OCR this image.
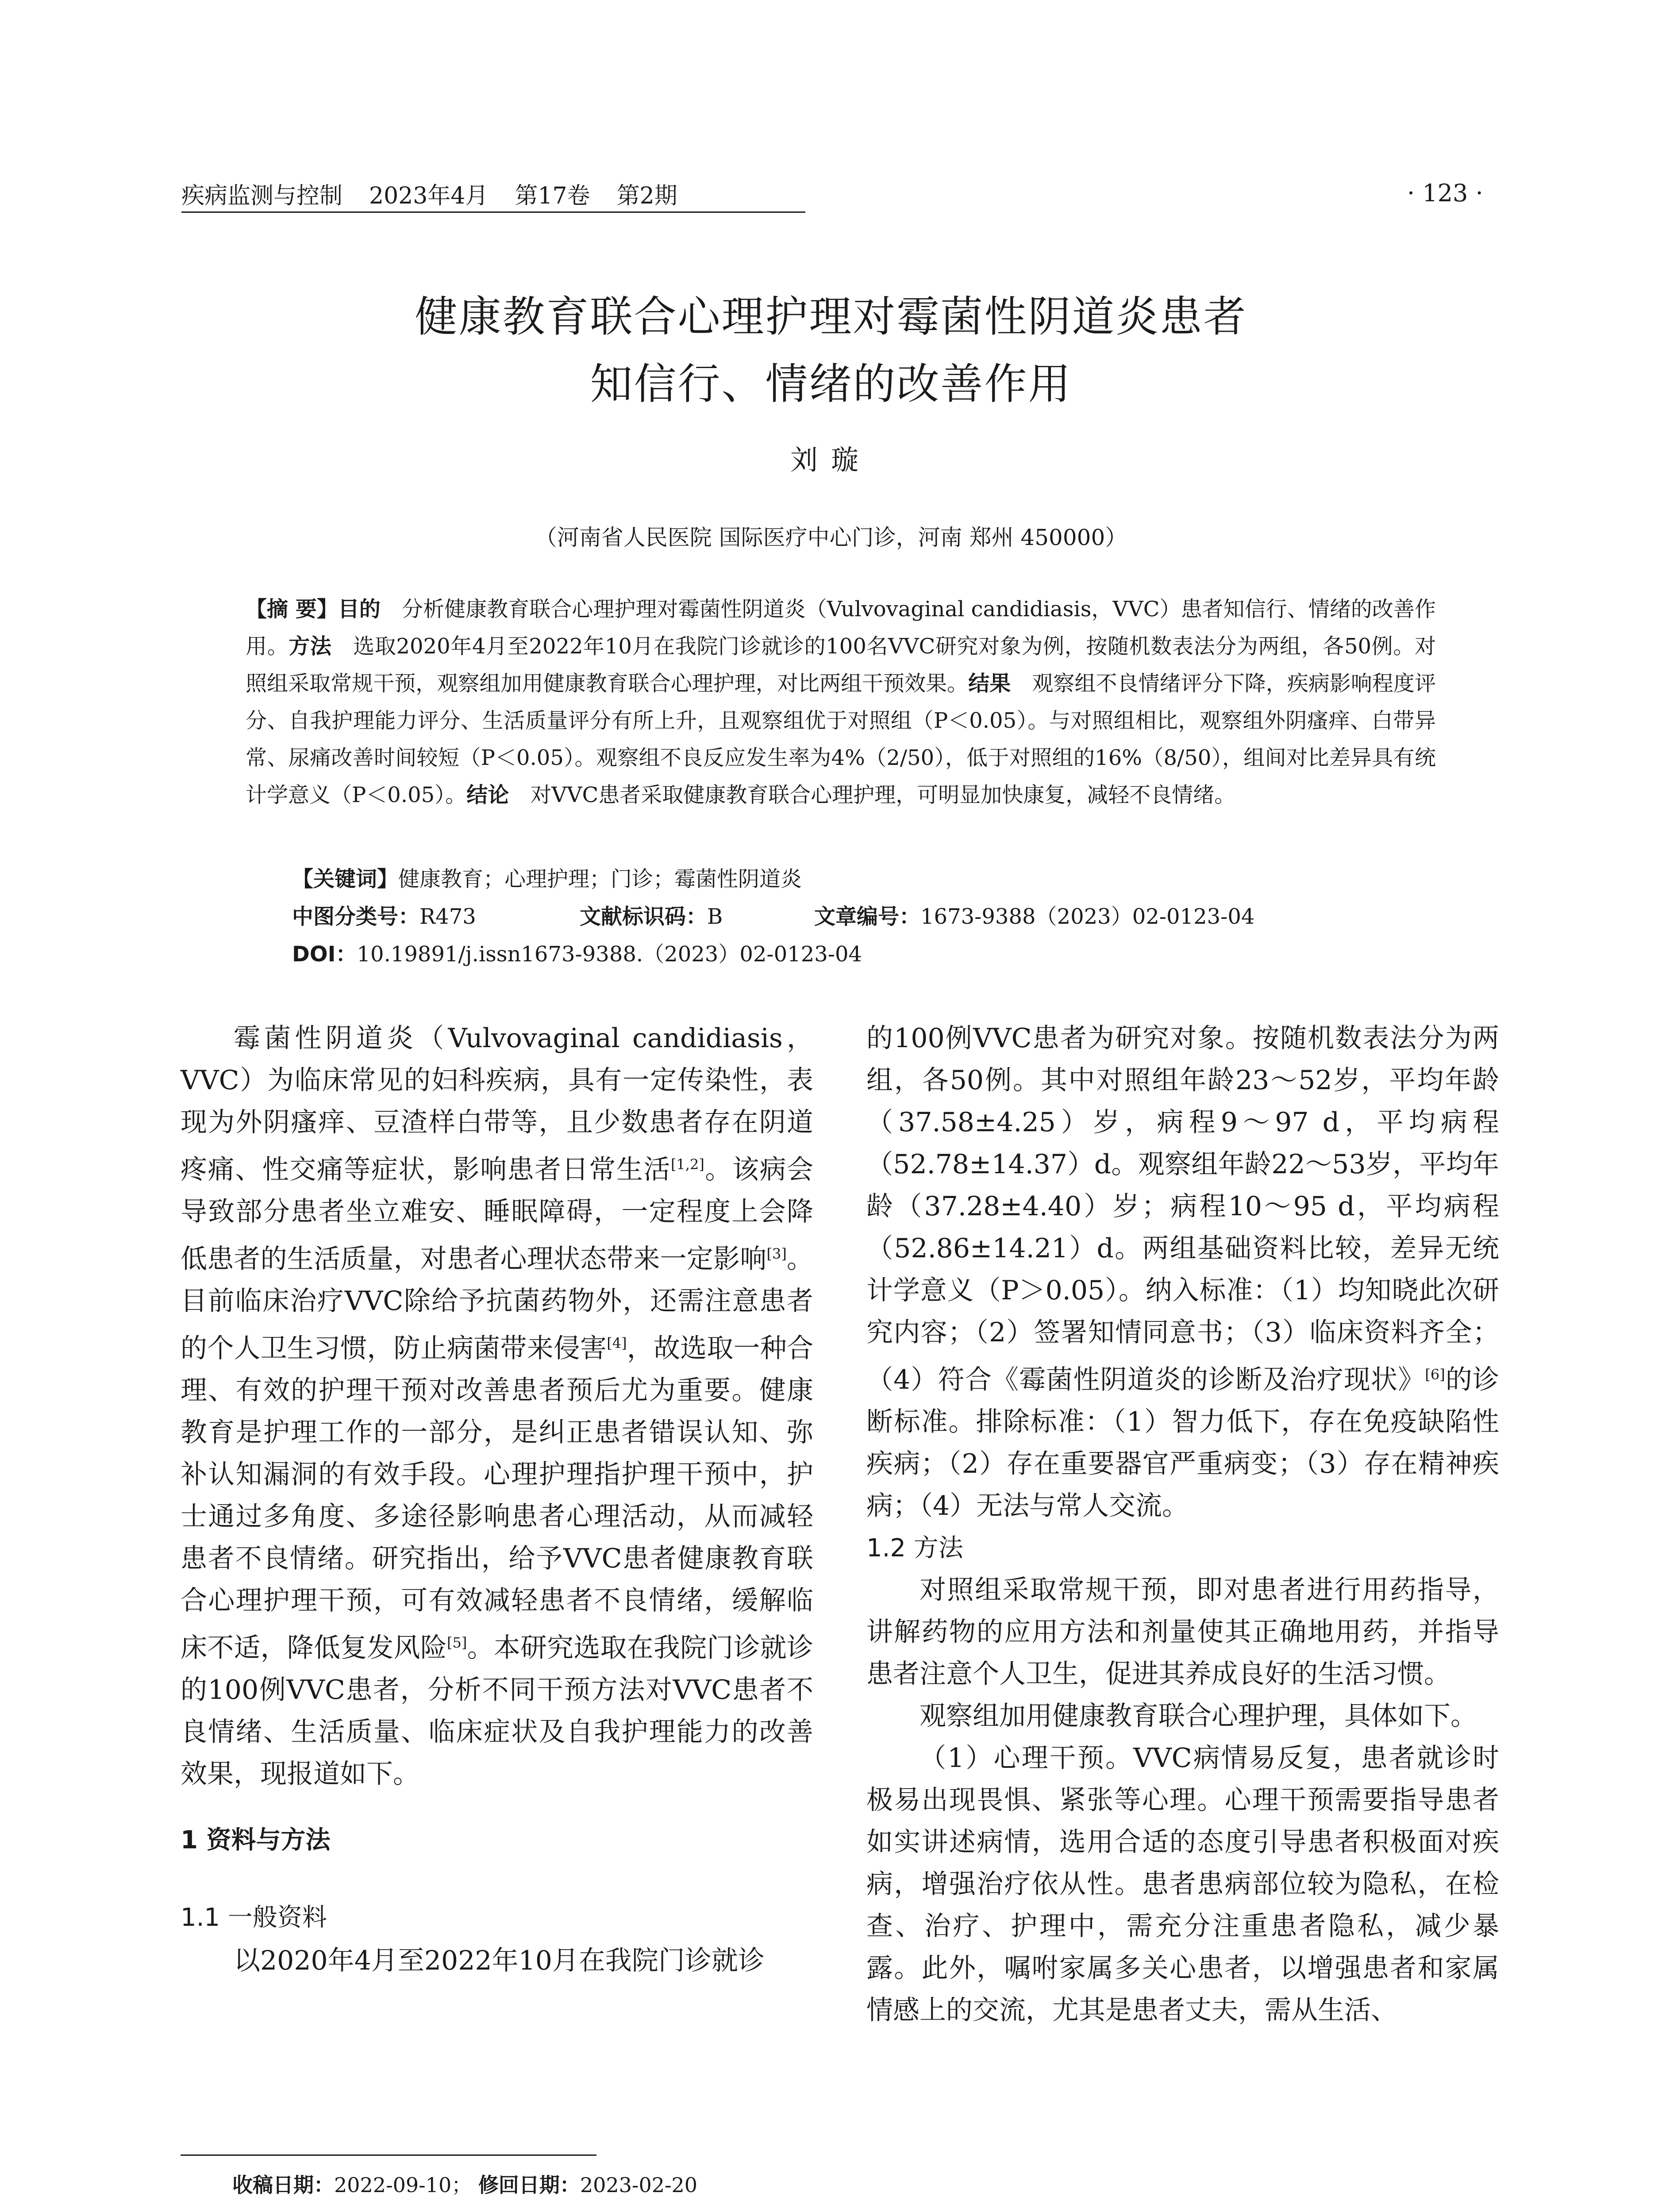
疾病监测与控制 2023年4月 第17卷 第2期	· 123 ·
健康教育联合心理护理对霉菌性阴道炎患者
知信行、情绪的改善作用
刘璇
（河南省人民医院 国际医疗中心门诊，河南 郑州 450000）
【摘 要】目的　 分析健康教育联合心理护理对霉菌性阴道炎（Vulvovaginal candidiasis，VVC）患者知信行、情绪的改善作用。方法　 选取2020年4月至2022年10月在我院门诊就诊的100名VVC研究对象为例，按随机数表法分为两组，各50例。对照组采取常规干预，观察组加用健康教育联合心理护理，对比两组干预效果。结果　 观察组不良情绪评分下降，疾病影响程度评分、自我护理能力评分、生活质量评分有所上升，且观察组优于对照组（P＜0.05）。与对照组相比，观察组外阴瘙痒、白带异常、尿痛改善时间较短（P＜0.05）。观察组不良反应发生率为4%（2/50），低于对照组的16%（8/50），组间对比差异具有统计学意义（P＜0.05）。结论　 对VVC患者采取健康教育联合心理护理，可明显加快康复，减轻不良情绪。
【关键词】健康教育；心理护理；门诊；霉菌性阴道炎
中图分类号：R473	文献标识码：B	文章编号：1673-9388（2023）02-0123-04
DOI：10.19891/j.issn1673-9388.（2023）02-0123-04

霉菌性阴道炎（Vulvovaginal candidiasis，VVC）为临床常见的妇科疾病，具有一定传染性，表现为外阴瘙痒、豆渣样白带等，且少数患者存在阴道疼痛、性交痛等症状，影响患者日常生活[1,2]。该病会导致部分患者坐立难安、睡眠障碍，一定程度上会降低患者的生活质量，对患者心理状态带来一定影响[3]。目前临床治疗VVC除给予抗菌药物外，还需注意患者的个人卫生习惯，防止病菌带来侵害[4]，故选取一种合理、有效的护理干预对改善患者预后尤为重要。健康教育是护理工作的一部分，是纠正患者错误认知、弥补认知漏洞的有效手段。心理护理指护理干预中，护士通过多角度、多途径影响患者心理活动，从而减轻患者不良情绪。研究指出，给予VVC患者健康教育联合心理护理干预，可有效减轻患者不良情绪，缓解临床不适，降低复发风险[5]。本研究选取在我院门诊就诊的100例VVC患者，分析不同干预方法对VVC患者不良情绪、生活质量、临床症状及自我护理能力的改善效果，现报道如下。

1 资料与方法
1.1 一般资料

以2020年4月至2022年10月在我院门诊就诊

的100例VVC患者为研究对象。按随机数表法分为两组，各50例。其中对照组年龄23～52岁，平均年龄（37.58±4.25）岁，病程9～97 d，平均病程（52.78±14.37）d。观察组年龄22～53岁，平均年龄（37.28±4.40）岁；病程10～95 d，平均病程（52.86±14.21）d。两组基础资料比较，差异无统计学意义（P＞0.05）。纳入标准：（1）均知晓此次研究内容；（2）签署知情同意书；（3）临床资料齐全；（4）符合《霉菌性阴道炎的诊断及治疗现状》[6]的诊断标准。排除标准：（1）智力低下，存在免疫缺陷性疾病；（2）存在重要器官严重病变；（3）存在精神疾病；（4）无法与常人交流。

1.2 方法

对照组采取常规干预，即对患者进行用药指导，讲解药物的应用方法和剂量使其正确地用药，并指导患者注意个人卫生，促进其养成良好的生活习惯。

观察组加用健康教育联合心理护理，具体如下。

（1）心理干预。VVC病情易反复，患者就诊时极易出现畏惧、紧张等心理。心理干预需要指导患者如实讲述病情，选用合适的态度引导患者积极面对疾病，增强治疗依从性。患者患病部位较为隐私，在检查、治疗、护理中，需充分注重患者隐私，减少暴露。此外，嘱咐家属多关心患者，以增强患者和家属情感上的交流，尤其是患者丈夫，需从生活、

收稿日期：2022-09-10； 修回日期：2023-02-20
